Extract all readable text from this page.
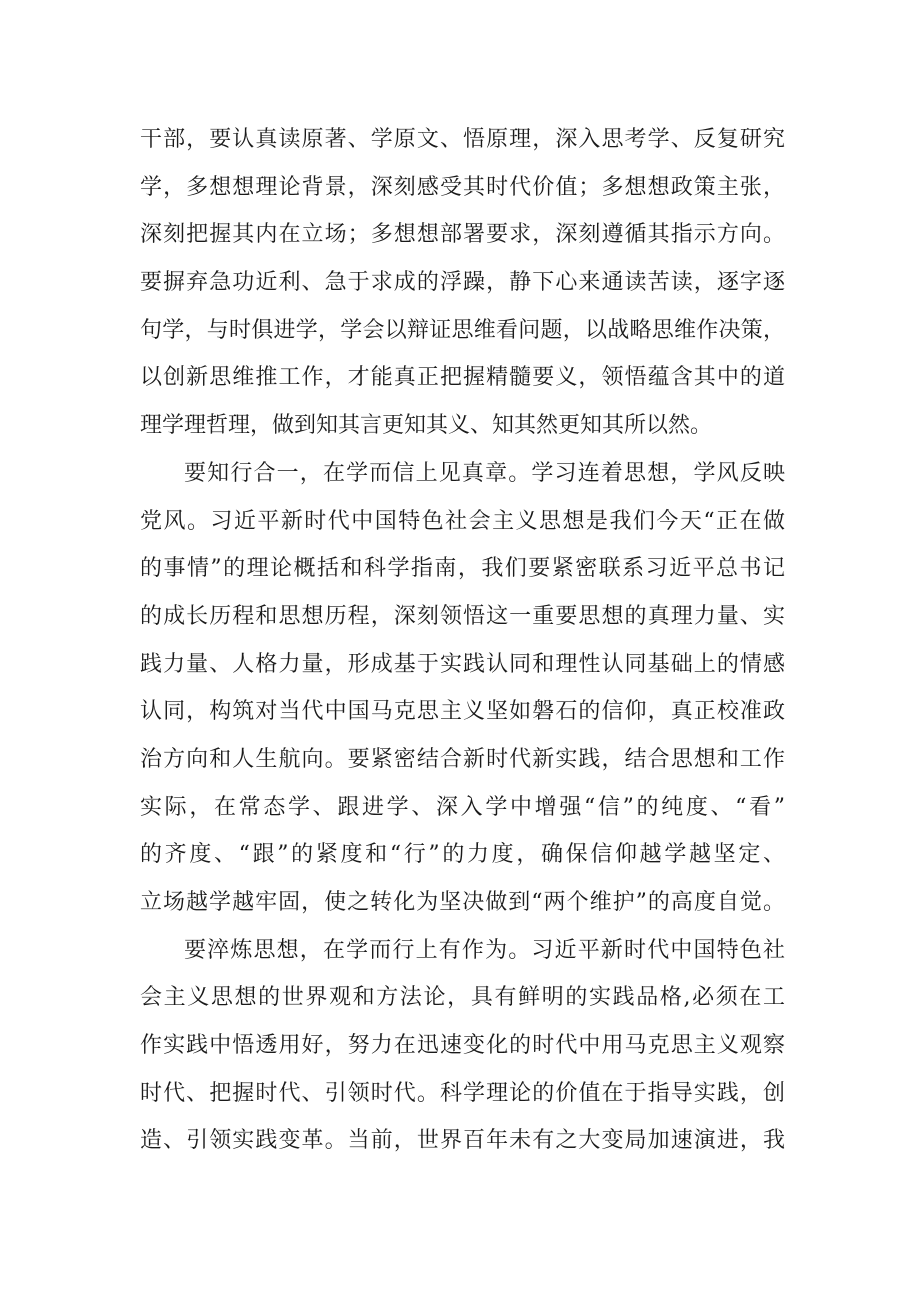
干部，要认真读原著、学原文、悟原理，深入思考学、反复研究
学，多想想理论背景，深刻感受其时代价值；多想想政策主张，
深刻把握其内在立场；多想想部署要求，深刻遵循其指示方向。
要摒弃急功近利、急于求成的浮躁，静下心来通读苦读，逐字逐
句学，与时俱进学，学会以辩证思维看问题，以战略思维作决策，
以创新思维推工作，才能真正把握精髓要义，领悟蕴含其中的道
理学理哲理，做到知其言更知其义、知其然更知其所以然。
要知行合一，在学而信上见真章。学习连着思想，学风反映
党风。习近平新时代中国特色社会主义思想是我们今天“正在做
的事情”的理论概括和科学指南，我们要紧密联系习近平总书记
的成长历程和思想历程，深刻领悟这一重要思想的真理力量、实
践力量、人格力量，形成基于实践认同和理性认同基础上的情感
认同，构筑对当代中国马克思主义坚如磐石的信仰，真正校准政
治方向和人生航向。要紧密结合新时代新实践，结合思想和工作
实际，在常态学、跟进学、深入学中增强“信”的纯度、“看”
的齐度、“跟”的紧度和“行”的力度，确保信仰越学越坚定、
立场越学越牢固，使之转化为坚决做到“两个维护”的高度自觉。
要淬炼思想，在学而行上有作为。习近平新时代中国特色社
会主义思想的世界观和方法论，具有鲜明的实践品格,必须在工
作实践中悟透用好，努力在迅速变化的时代中用马克思主义观察
时代、把握时代、引领时代。科学理论的价值在于指导实践，创
造、引领实践变革。当前，世界百年未有之大变局加速演进，我
